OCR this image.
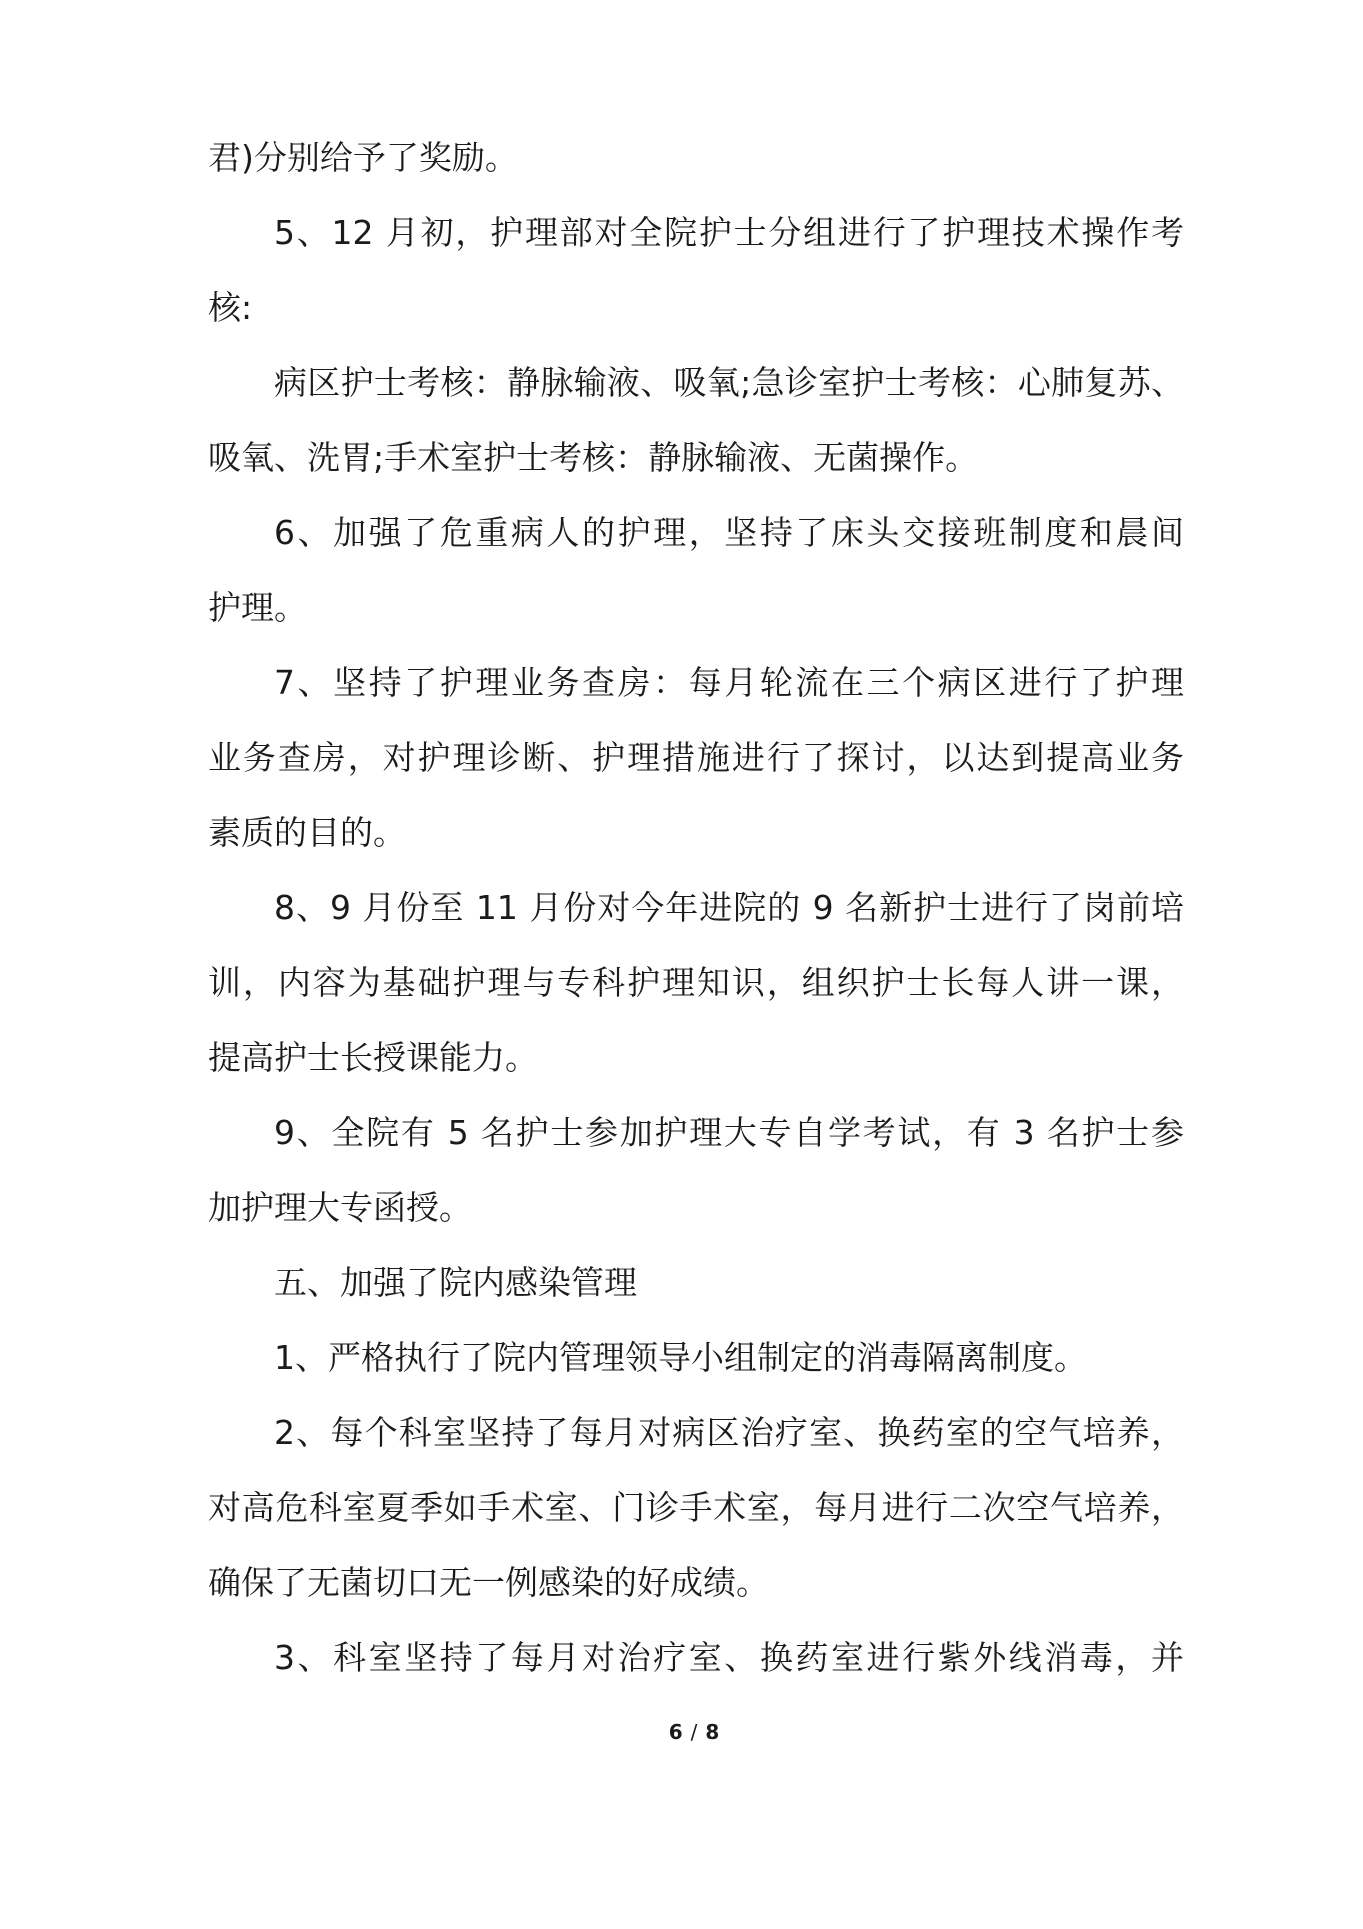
君)分别给予了奖励。
5、12 月初，护理部对全院护士分组进行了护理技术操作考
核:
病区护士考核：静脉输液、吸氧;急诊室护士考核：心肺复苏、
吸氧、洗胃;手术室护士考核：静脉输液、无菌操作。
6、加强了危重病人的护理，坚持了床头交接班制度和晨间
护理。
7、坚持了护理业务查房：每月轮流在三个病区进行了护理
业务查房，对护理诊断、护理措施进行了探讨，以达到提高业务
素质的目的。
8、9 月份至 11 月份对今年进院的 9 名新护士进行了岗前培
训，内容为基础护理与专科护理知识，组织护士长每人讲一课，
提高护士长授课能力。
9、全院有 5 名护士参加护理大专自学考试，有 3 名护士参
加护理大专函授。
五、加强了院内感染管理
1、严格执行了院内管理领导小组制定的消毒隔离制度。
2、每个科室坚持了每月对病区治疗室、换药室的空气培养，
对高危科室夏季如手术室、门诊手术室，每月进行二次空气培养，
确保了无菌切口无一例感染的好成绩。
3、科室坚持了每月对治疗室、换药室进行紫外线消毒，并
6 / 8
